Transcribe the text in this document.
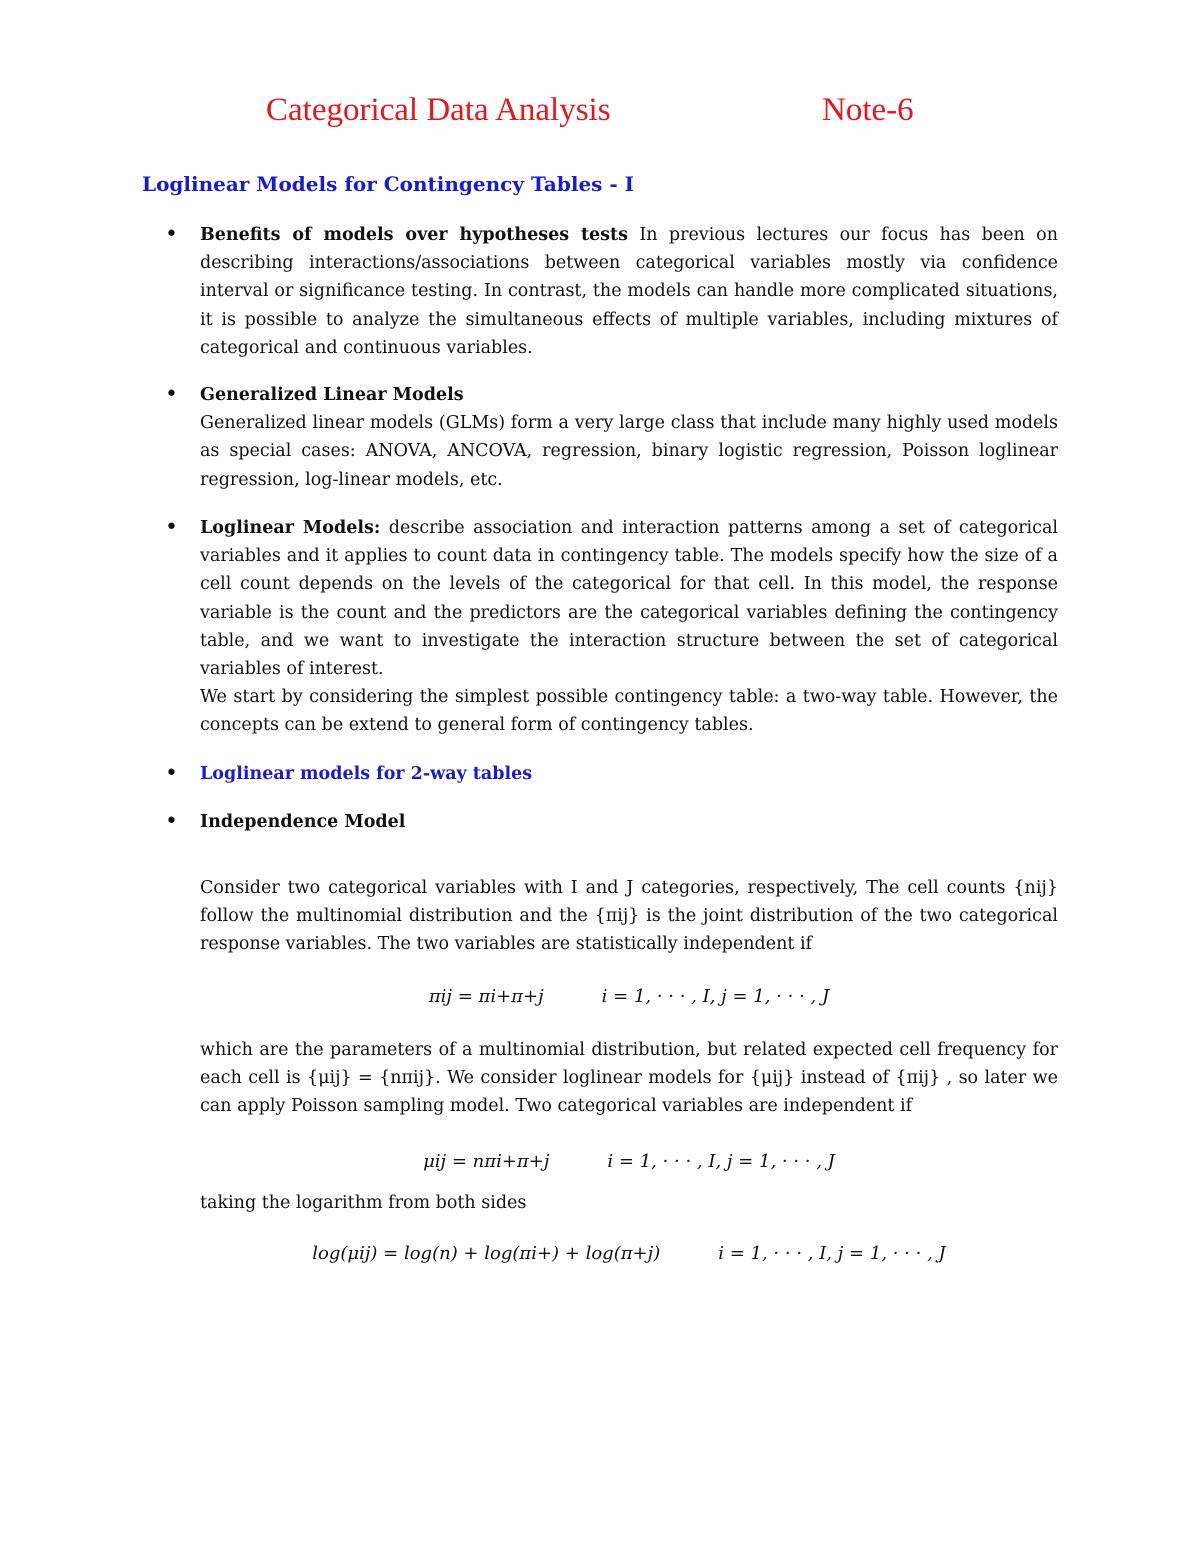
Categorical Data Analysis	Note-6
Loglinear Models for Contingency Tables - I
• Benefits of models over hypotheses tests In previous lectures our focus has been on describing interactions/associations between categorical variables mostly via confidence interval or significance testing. In contrast, the models can handle more complicated situations, it is possible to analyze the simultaneous effects of multiple variables, including mixtures of categorical and continuous variables.
• Generalized Linear Models
Generalized linear models (GLMs) form a very large class that include many highly used models as special cases: ANOVA, ANCOVA, regression, binary logistic regression, Poisson loglinear regression, log-linear models, etc.
• Loglinear Models: describe association and interaction patterns among a set of categorical variables and it applies to count data in contingency table. The models specify how the size of a cell count depends on the levels of the categorical for that cell. In this model, the response variable is the count and the predictors are the categorical variables defining the contingency table, and we want to investigate the interaction structure between the set of categorical variables of interest.
We start by considering the simplest possible contingency table: a two-way table. However, the concepts can be extend to general form of contingency tables.
• Loglinear models for 2-way tables
• Independence Model
Consider two categorical variables with I and J categories, respectively, The cell counts {nij} follow the multinomial distribution and the {πij} is the joint distribution of the two categorical response variables. The two variables are statistically independent if
πij = πi+π+j	i = 1, · · · , I, j = 1, · · · , J
which are the parameters of a multinomial distribution, but related expected cell frequency for each cell is {μij} = {nπij}. We consider loglinear models for {μij} instead of {πij} , so later we can apply Poisson sampling model. Two categorical variables are independent if
μij = nπi+π+j	i = 1, · · · , I, j = 1, · · · , J
taking the logarithm from both sides
log(μij) = log(n) + log(πi+) + log(π+j)	i = 1, · · · , I, j = 1, · · · , J
